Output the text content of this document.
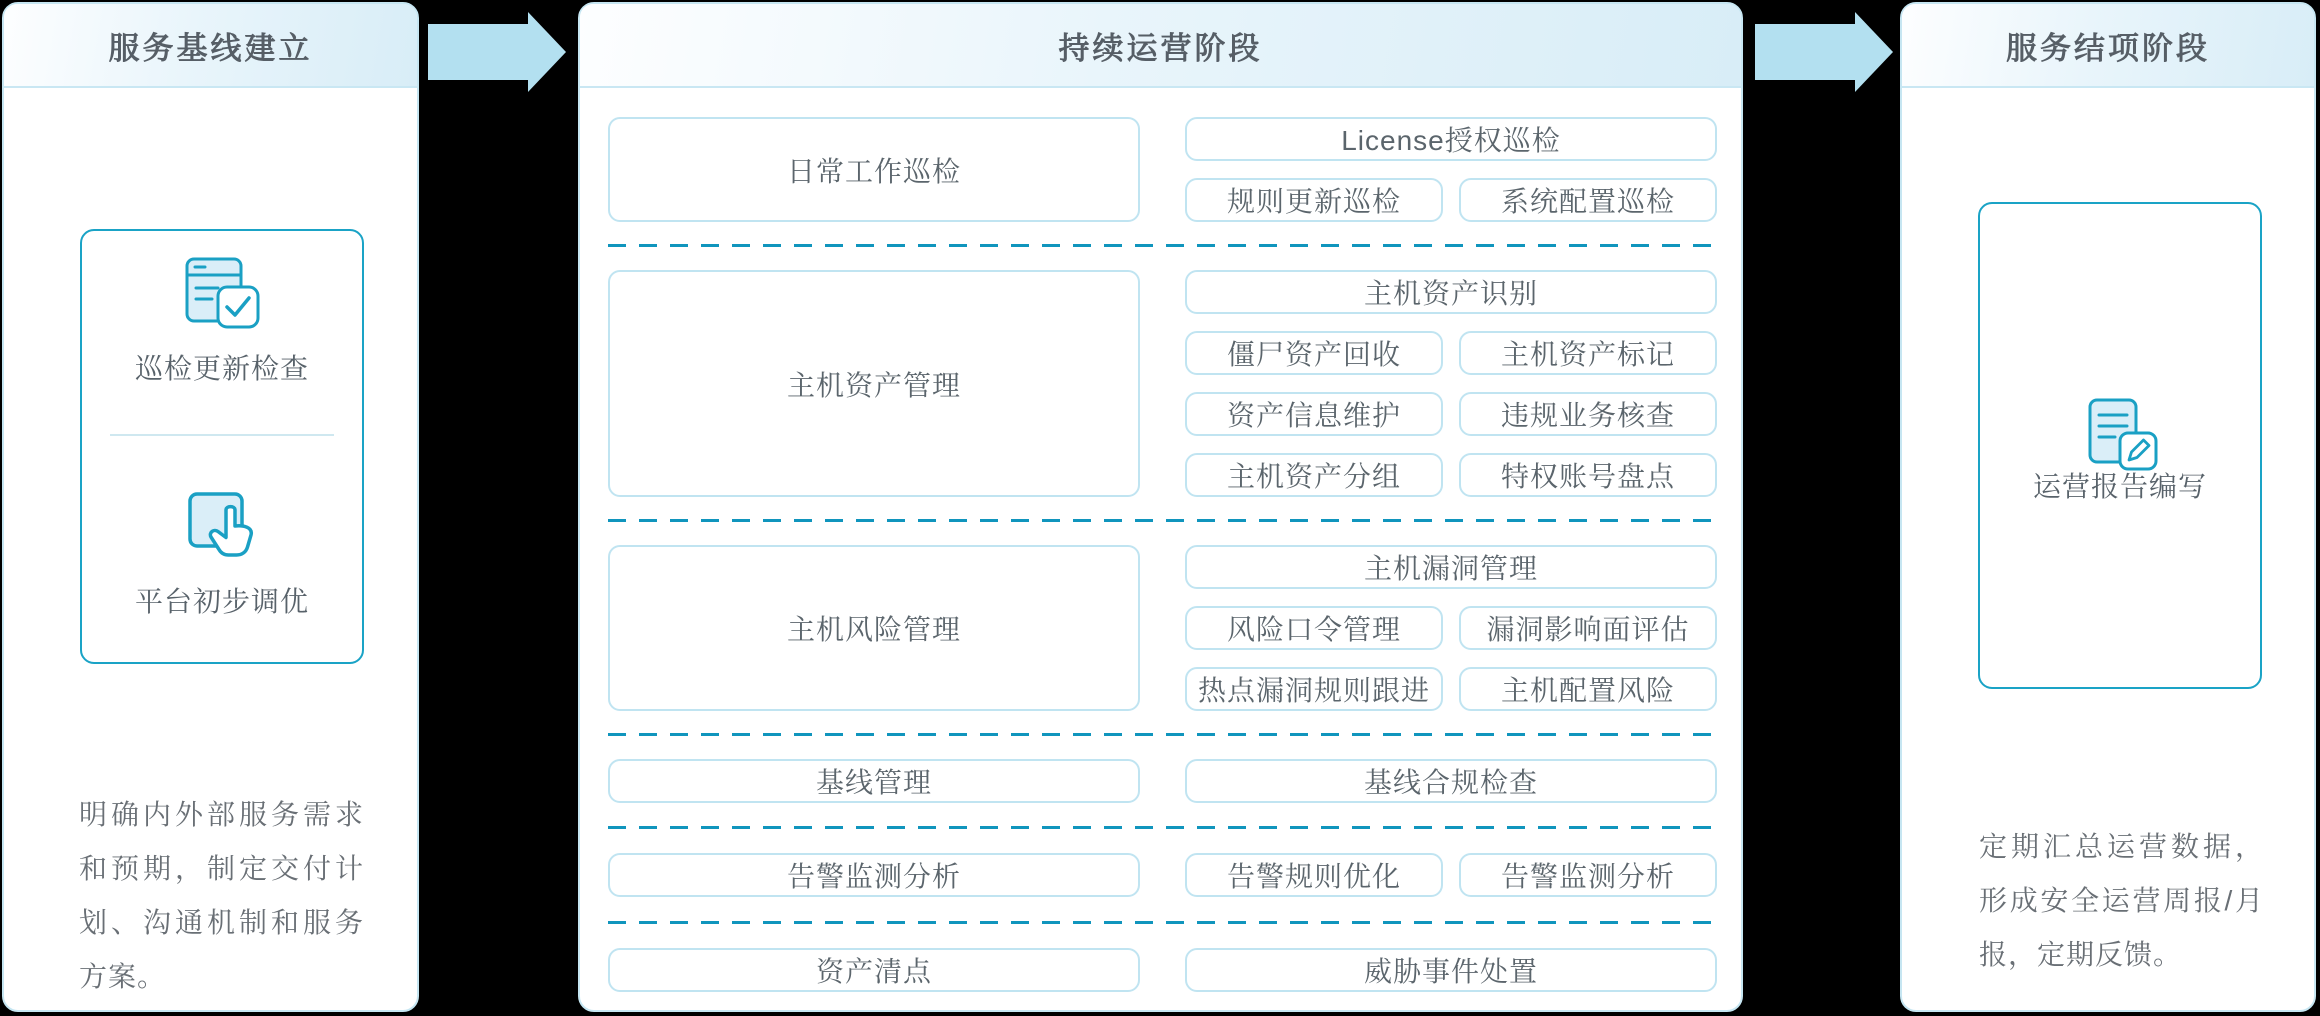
服务基线建立
巡检更新检查
平台初步调优
明确内外部服务需求和预期，制定交付计划、沟通机制和服务方案。
持续运营阶段
日常工作巡检
License授权巡检
规则更新巡检	系统配置巡检
主机资产管理
主机资产识别
僵尸资产回收	主机资产标记
资产信息维护	违规业务核查
主机资产分组	特权账号盘点
主机风险管理
主机漏洞管理
风险口令管理	漏洞影响面评估
热点漏洞规则跟进	主机配置风险
基线管理	基线合规检查
告警监测分析	告警规则优化	告警监测分析
资产清点	威胁事件处置
服务结项阶段
运营报告编写
定期汇总运营数据，形成安全运营周报/月报，定期反馈。
